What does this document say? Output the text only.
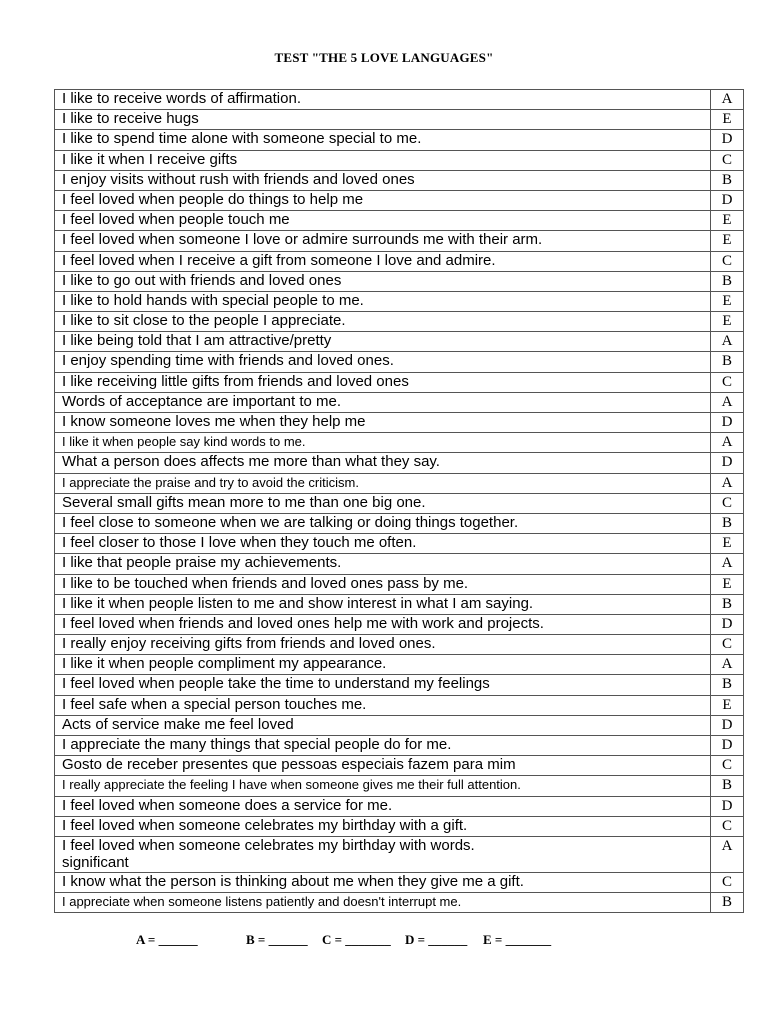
TEST "THE 5 LOVE LANGUAGES"
I like to receive words of affirmation.	A
I like to receive hugs	E
I like to spend time alone with someone special to me.	D
I like it when I receive gifts	C
I enjoy visits without rush with friends and loved ones	B
I feel loved when people do things to help me	D
I feel loved when people touch me	E
I feel loved when someone I love or admire surrounds me with their arm.	E
I feel loved when I receive a gift from someone I love and admire.	C
I like to go out with friends and loved ones	B
I like to hold hands with special people to me.	E
I like to sit close to the people I appreciate.	E
I like being told that I am attractive/pretty	A
I enjoy spending time with friends and loved ones.	B
I like receiving little gifts from friends and loved ones	C
Words of acceptance are important to me.	A
I know someone loves me when they help me	D
I like it when people say kind words to me.	A
What a person does affects me more than what they say.	D
I appreciate the praise and try to avoid the criticism.	A
Several small gifts mean more to me than one big one.	C
I feel close to someone when we are talking or doing things together.	B
I feel closer to those I love when they touch me often.	E
I like that people praise my achievements.	A
I like to be touched when friends and loved ones pass by me.	E
I like it when people listen to me and show interest in what I am saying.	B
I feel loved when friends and loved ones help me with work and projects.	D
I really enjoy receiving gifts from friends and loved ones.	C
I like it when people compliment my appearance.	A
I feel loved when people take the time to understand my feelings	B
I feel safe when a special person touches me.	E
Acts of service make me feel loved	D
I appreciate the many things that special people do for me.	D
Gosto de receber presentes que pessoas especiais fazem para mim	C
I really appreciate the feeling I have when someone gives me their full attention.	B
I feel loved when someone does a service for me.	D
I feel loved when someone celebrates my birthday with a gift.	C
I feel loved when someone celebrates my birthday with words.
significant	A
I know what the person is thinking about me when they give me a gift.	C
I appreciate when someone listens patiently and doesn't interrupt me.	B
A = ______	B = ______ C = _______ D = ______ E = _______
